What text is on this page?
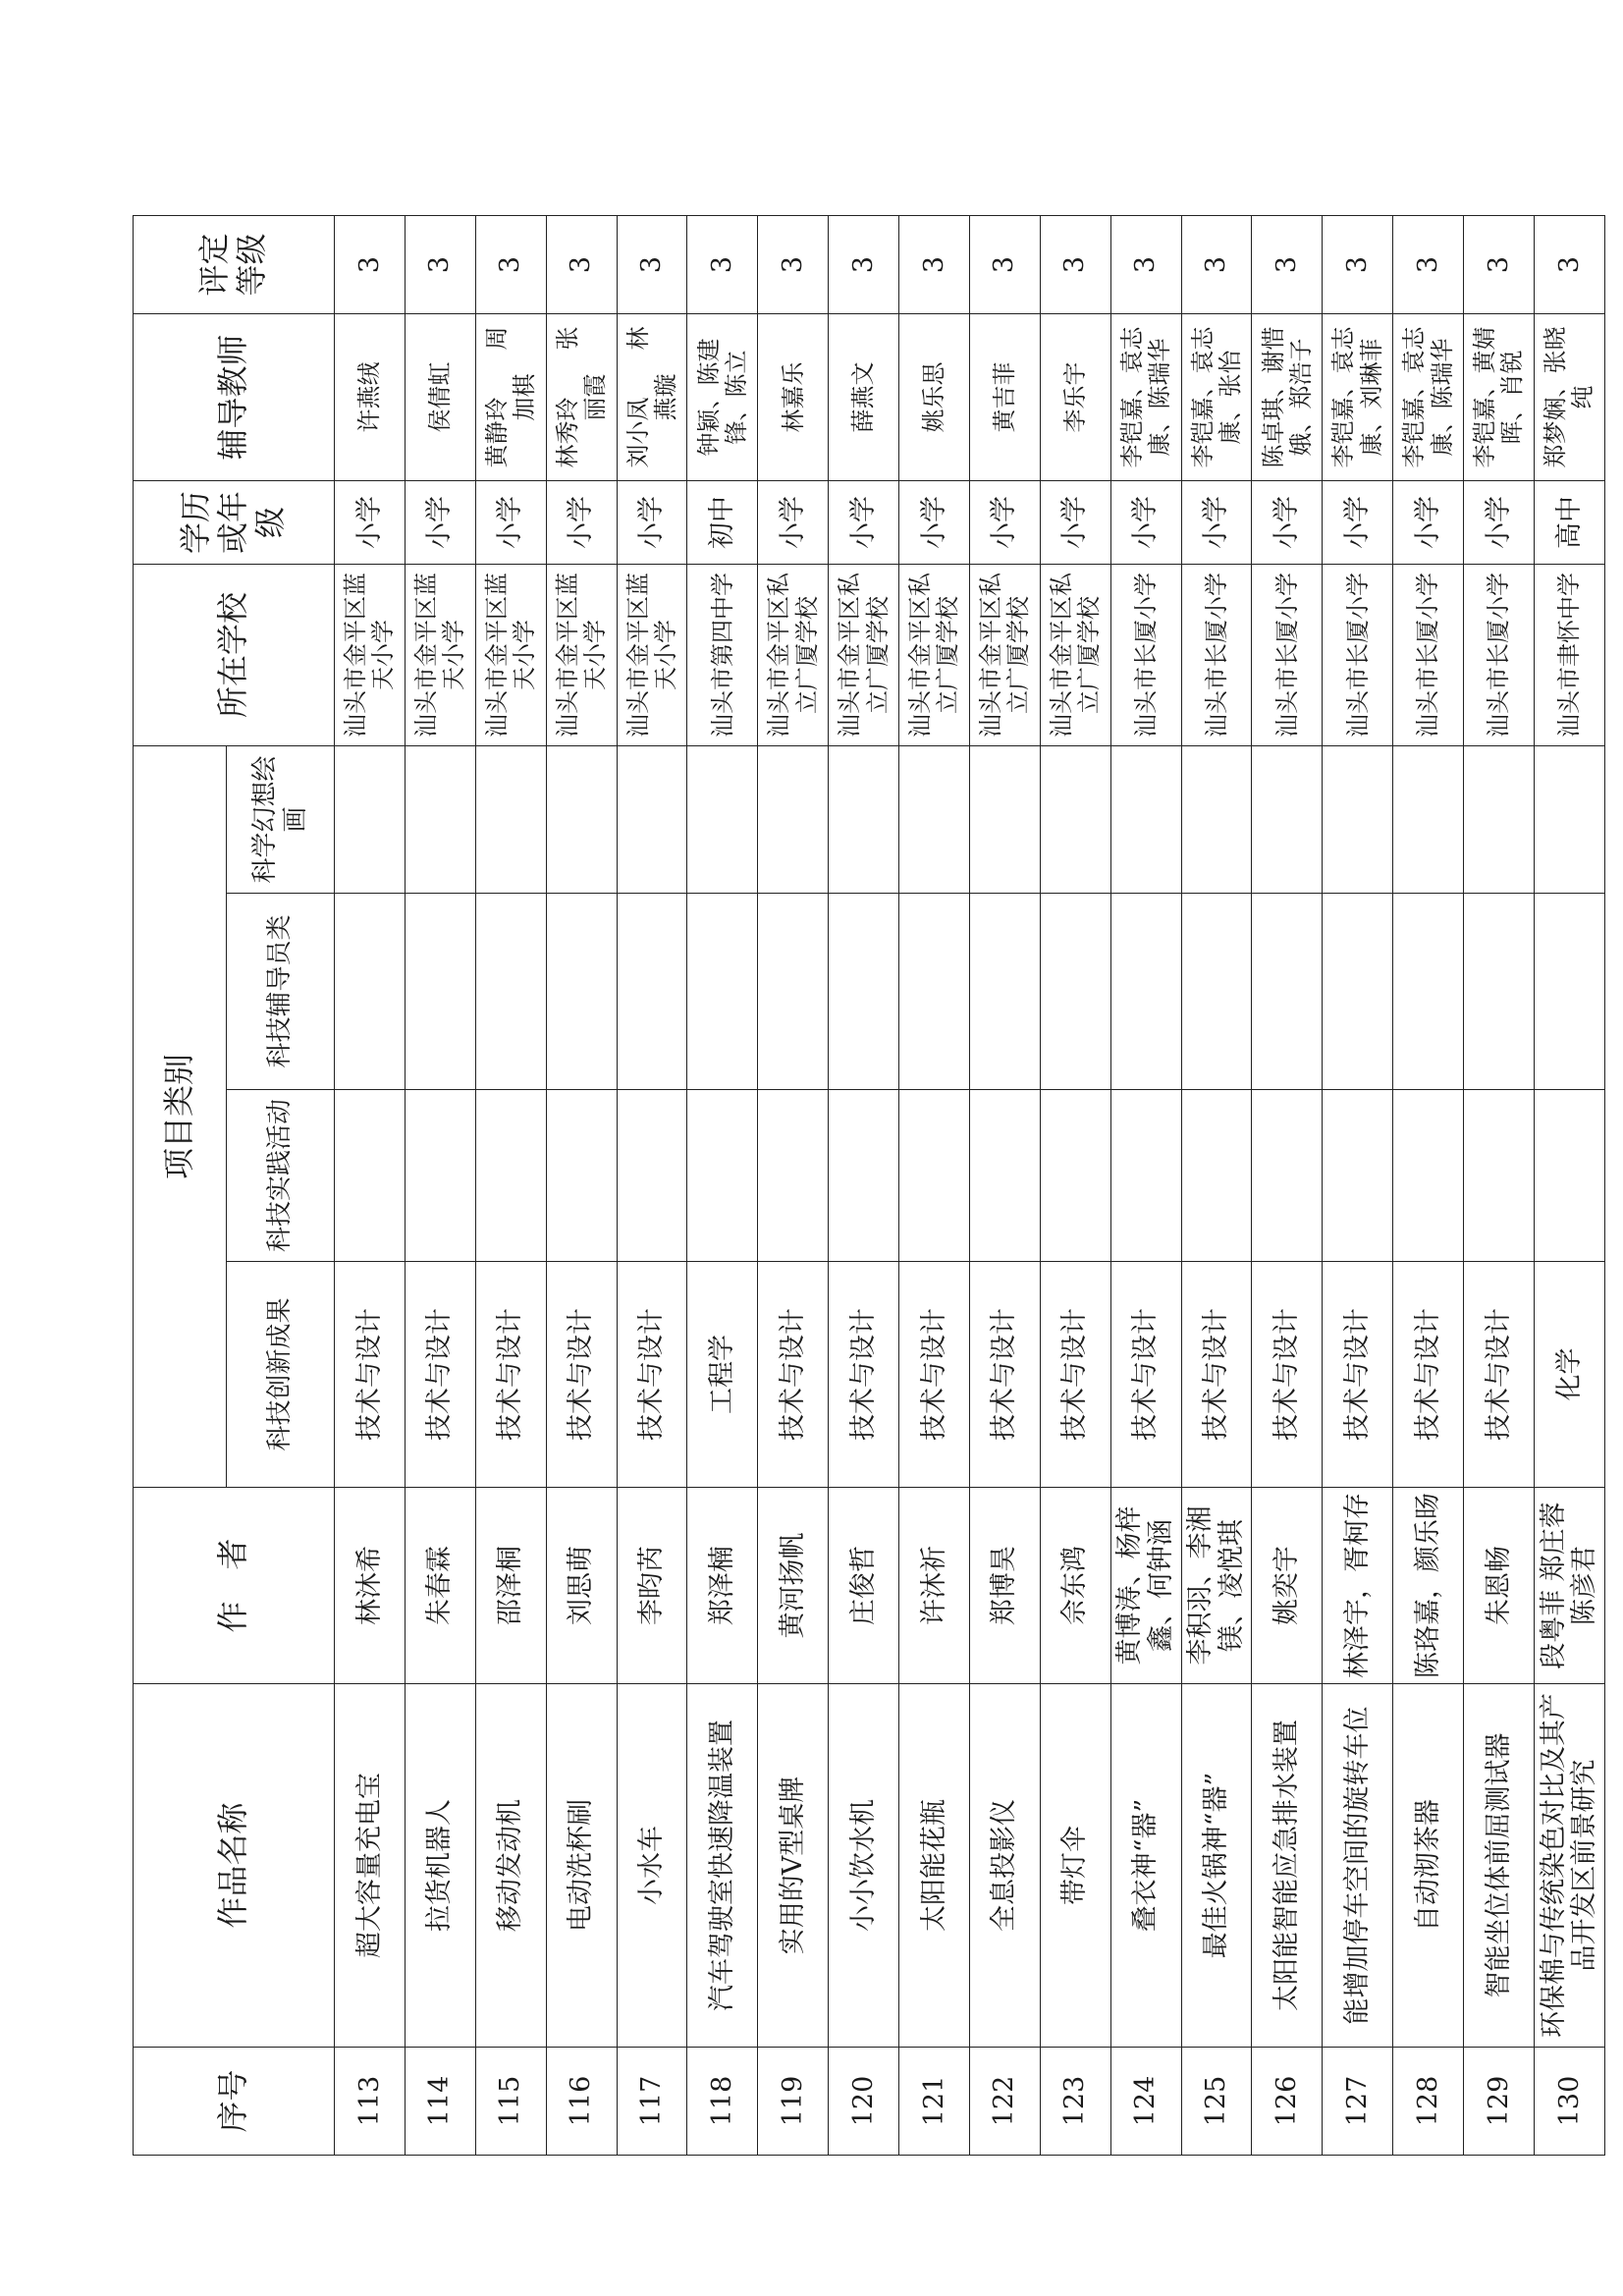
序号	作品名称	作　者	项目类别				所在学校	学历或年级	辅导教师	评定等级
			科技创新成果	科技实践活动	科技辅导员类	科学幻想绘画				
113	超大容量充电宝	林沐希	技术与设计				汕头市金平区蓝天小学	小学	许燕绒	3
114	拉货机器人	朱春霖	技术与设计				汕头市金平区蓝天小学	小学	侯倩虹	3
115	移动发动机	邵泽桐	技术与设计				汕头市金平区蓝天小学	小学	黄静玲　　周加棋	3
116	电动洗杯刷	刘思萌	技术与设计				汕头市金平区蓝天小学	小学	林秀玲　　张丽霞	3
117	小水车	李昀芮	技术与设计				汕头市金平区蓝天小学	小学	刘小凤　　林燕璇	3
118	汽车驾驶室快速降温装置	郑泽楠	工程学				汕头市第四中学	初中	钟颖、陈建锋、陈立	3
119	实用的V型桌牌	黄河扬帆	技术与设计				汕头市金平区私立广厦学校	小学	林嘉乐	3
120	小小饮水机	庄俊哲	技术与设计				汕头市金平区私立广厦学校	小学	薛燕文	3
121	太阳能花瓶	许沐祈	技术与设计				汕头市金平区私立广厦学校	小学	姚乐思	3
122	全息投影仪	郑博昊	技术与设计				汕头市金平区私立广厦学校	小学	黄吉菲	3
123	带灯伞	佘东鸿	技术与设计				汕头市金平区私立广厦学校	小学	李乐宇	3
124	叠衣神“器”	黄博涛、杨梓鑫、何钟涵	技术与设计				汕头市长厦小学	小学	李铠嘉、袁志康、陈瑞华	3
125	最佳火锅神“器”	李积羽、李湘镁、凌悦琪	技术与设计				汕头市长厦小学	小学	李铠嘉、袁志康、张怡	3
126	太阳能智能应急排水装置	姚奕宇	技术与设计				汕头市长厦小学	小学	陈卓琪、谢惜娥、郑浩子	3
127	能增加停车空间的旋转车位	林泽宇，胥柯存	技术与设计				汕头市长厦小学	小学	李铠嘉、袁志康、刘琳菲	3
128	自动沏茶器	陈珞嘉，颜乐旸	技术与设计				汕头市长厦小学	小学	李铠嘉、袁志康、陈瑞华	3
129	智能坐位体前屈测试器	朱恩畅	技术与设计				汕头市长厦小学	小学	李铠嘉、黄婧晖、肖锐	3
130	环保棉与传统染色对比及其产品开发区前景研究	段粤菲 郑庄蓉 陈彦君	化学				汕头市聿怀中学	高中	郑梦娴、张晓纯	3
